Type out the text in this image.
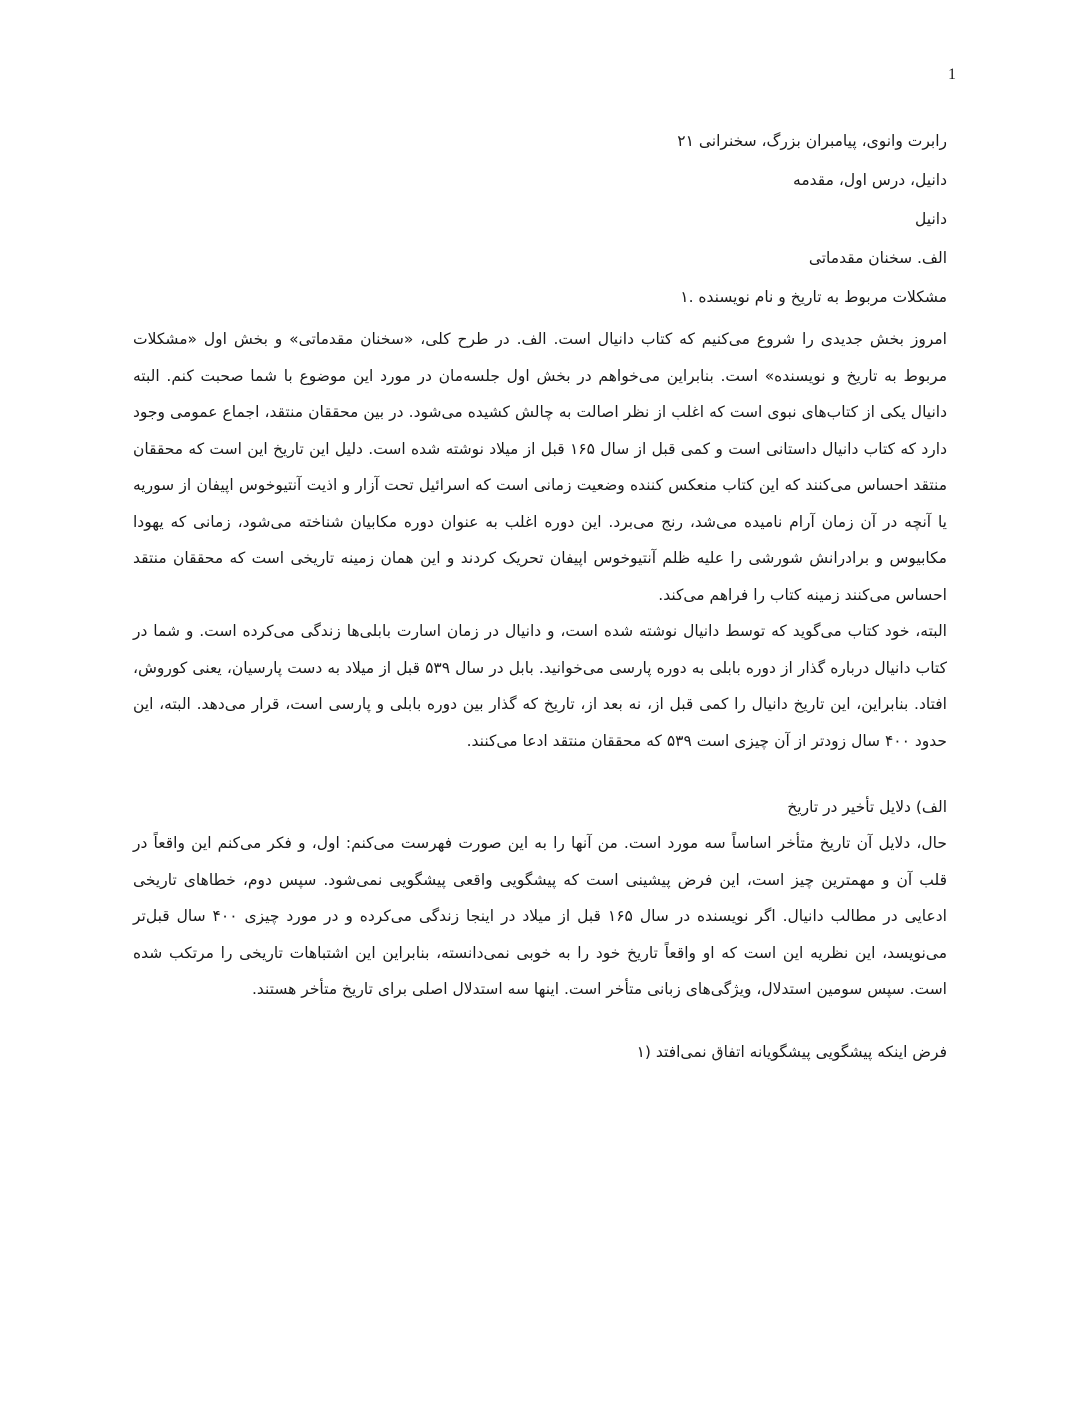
1
رابرت وانوی، پیامبران بزرگ، سخنرانی ۲۱
دانیل، درس اول، مقدمه
دانیل
الف. سخنان مقدماتی
مشکلات مربوط به تاریخ و نام نویسنده .۱

امروز بخش جدیدی را شروع می‌کنیم که کتاب دانیال است. الف. در طرح کلی، «سخنان مقدماتی» و بخش اول «مشکلات مربوط به تاریخ و نویسنده» است. بنابراین می‌خواهم در بخش اول جلسه‌مان در مورد این موضوع با شما صحبت کنم. البته دانیال یکی از کتاب‌های نبوی است که اغلب از نظر اصالت به چالش کشیده می‌شود. در بین محققان منتقد، اجماع عمومی وجود دارد که کتاب دانیال داستانی است و کمی قبل از سال ۱۶۵ قبل از میلاد نوشته شده است. دلیل این تاریخ این است که محققان منتقد احساس می‌کنند که این کتاب منعکس کننده وضعیت زمانی است که اسرائیل تحت آزار و اذیت آنتیوخوس اپیفان از سوریه یا آنچه در آن زمان آرام نامیده می‌شد، رنج می‌برد. این دوره اغلب به عنوان دوره مکابیان شناخته می‌شود، زمانی که یهودا مکابیوس و برادرانش شورشی را علیه ظلم آنتیوخوس اپیفان تحریک کردند و این همان زمینه تاریخی است که محققان منتقد احساس می‌کنند زمینه کتاب را فراهم می‌کند.

البته، خود کتاب می‌گوید که توسط دانیال نوشته شده است، و دانیال در زمان اسارت بابلی‌ها زندگی می‌کرده است. و شما در کتاب دانیال درباره گذار از دوره بابلی به دوره پارسی می‌خوانید. بابل در سال ۵۳۹ قبل از میلاد به دست پارسیان، یعنی کوروش، افتاد. بنابراین، این تاریخ دانیال را کمی قبل از، نه بعد از، تاریخ که گذار بین دوره بابلی و پارسی است، قرار می‌دهد. البته، این حدود ۴۰۰ سال زودتر از آن چیزی است ۵۳۹ که محققان منتقد ادعا می‌کنند.

الف) دلایل تأخیر در تاریخ

حال، دلایل آن تاریخ متأخر اساساً سه مورد است. من آنها را به این صورت فهرست می‌کنم: اول، و فکر می‌کنم این واقعاً در قلب آن و مهمترین چیز است، این فرض پیشینی است که پیشگویی واقعی پیشگویی نمی‌شود. سپس دوم، خطاهای تاریخی ادعایی در مطالب دانیال. اگر نویسنده در سال ۱۶۵ قبل از میلاد در اینجا زندگی می‌کرده و در مورد چیزی ۴۰۰ سال قبل‌تر می‌نویسد، این نظریه این است که او واقعاً تاریخ خود را به خوبی نمی‌دانسته، بنابراین این اشتباهات تاریخی را مرتکب شده است. سپس سومین استدلال، ویژگی‌های زبانی متأخر است. اینها سه استدلال اصلی برای تاریخ متأخر هستند.

فرض اینکه پیشگویی پیشگویانه اتفاق نمی‌افتد (۱
